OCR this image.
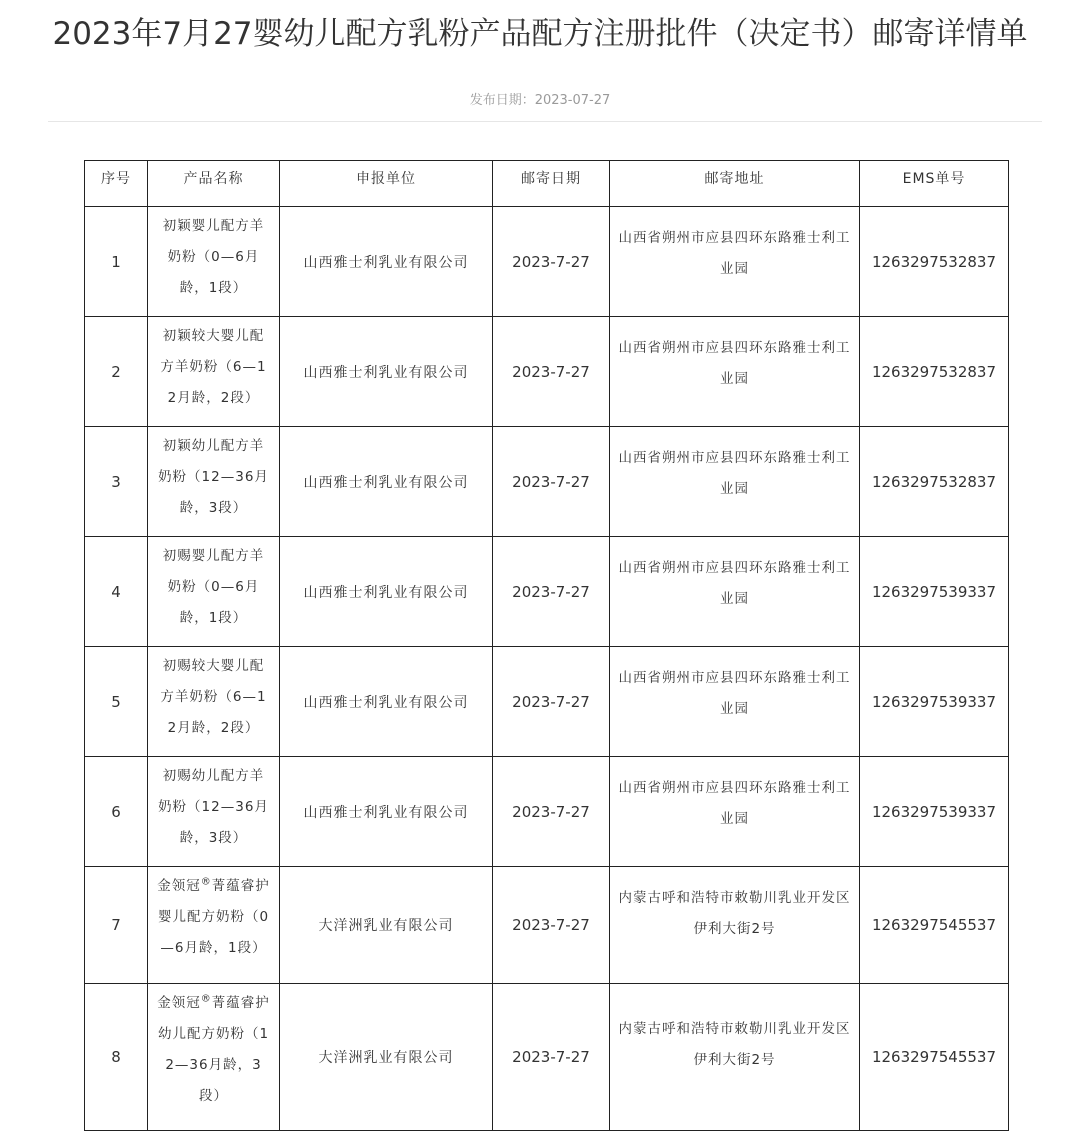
2023年7月27婴幼儿配方乳粉产品配方注册批件（决定书）邮寄详情单
发布日期：2023-07-27
序号	产品名称	申报单位	邮寄日期	邮寄地址	EMS单号
1	初颖婴儿配方羊奶粉（0—6月龄，1段）	山西雅士利乳业有限公司	2023-7-27	山西省朔州市应县四环东路雅士利工业园	1263297532837
2	初颖较大婴儿配方羊奶粉（6—12月龄，2段）	山西雅士利乳业有限公司	2023-7-27	山西省朔州市应县四环东路雅士利工业园	1263297532837
3	初颖幼儿配方羊奶粉（12—36月龄，3段）	山西雅士利乳业有限公司	2023-7-27	山西省朔州市应县四环东路雅士利工业园	1263297532837
4	初赐婴儿配方羊奶粉（0—6月龄，1段）	山西雅士利乳业有限公司	2023-7-27	山西省朔州市应县四环东路雅士利工业园	1263297539337
5	初赐较大婴儿配方羊奶粉（6—12月龄，2段）	山西雅士利乳业有限公司	2023-7-27	山西省朔州市应县四环东路雅士利工业园	1263297539337
6	初赐幼儿配方羊奶粉（12—36月龄，3段）	山西雅士利乳业有限公司	2023-7-27	山西省朔州市应县四环东路雅士利工业园	1263297539337
7	金领冠®菁蕴睿护婴儿配方奶粉（0—6月龄，1段）	大洋洲乳业有限公司	2023-7-27	内蒙古呼和浩特市敕勒川乳业开发区伊利大街2号	1263297545537
8	金领冠®菁蕴睿护幼儿配方奶粉（12—36月龄，3段）	大洋洲乳业有限公司	2023-7-27	内蒙古呼和浩特市敕勒川乳业开发区伊利大街2号	1263297545537
